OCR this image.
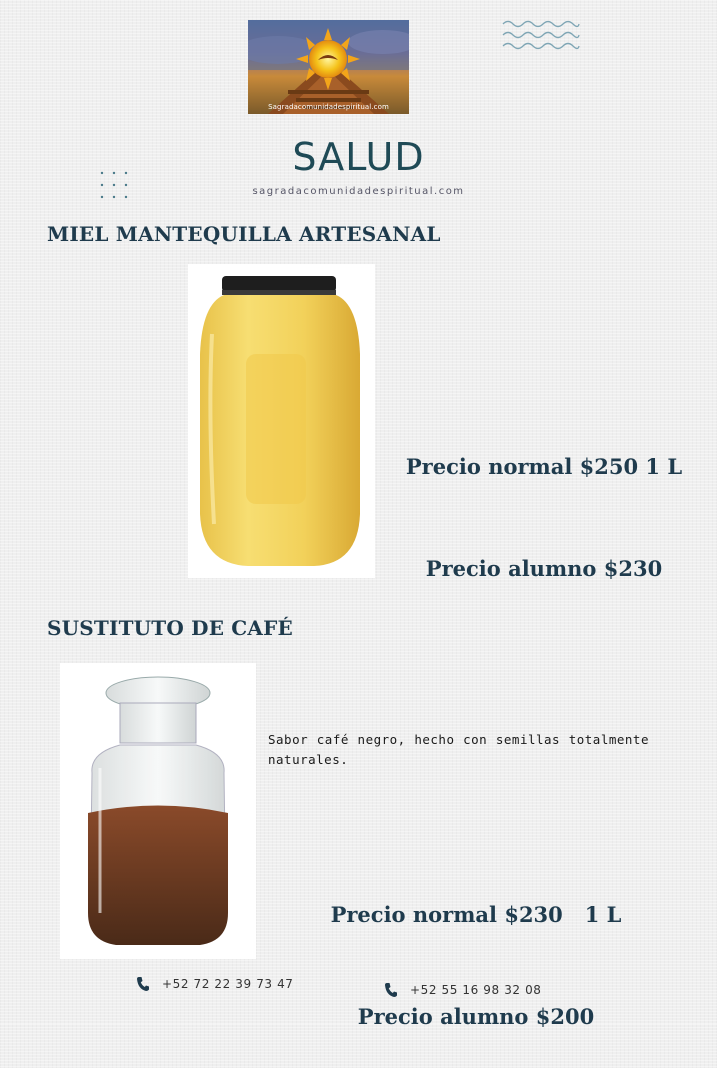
Sagradacomunidadespiritual.com
SALUD
sagradacomunidadespiritual.com
MIEL MANTEQUILLA ARTESANAL

Precio normal $250 1 L

Precio alumno $230

SUSTITUTO DE CAFÉ
Sabor café negro, hecho con semillas totalmente naturales.

Precio normal $230   1 L

Precio alumno $200

+52 72 22 39 73 47	+52 55 16 98 32 08
